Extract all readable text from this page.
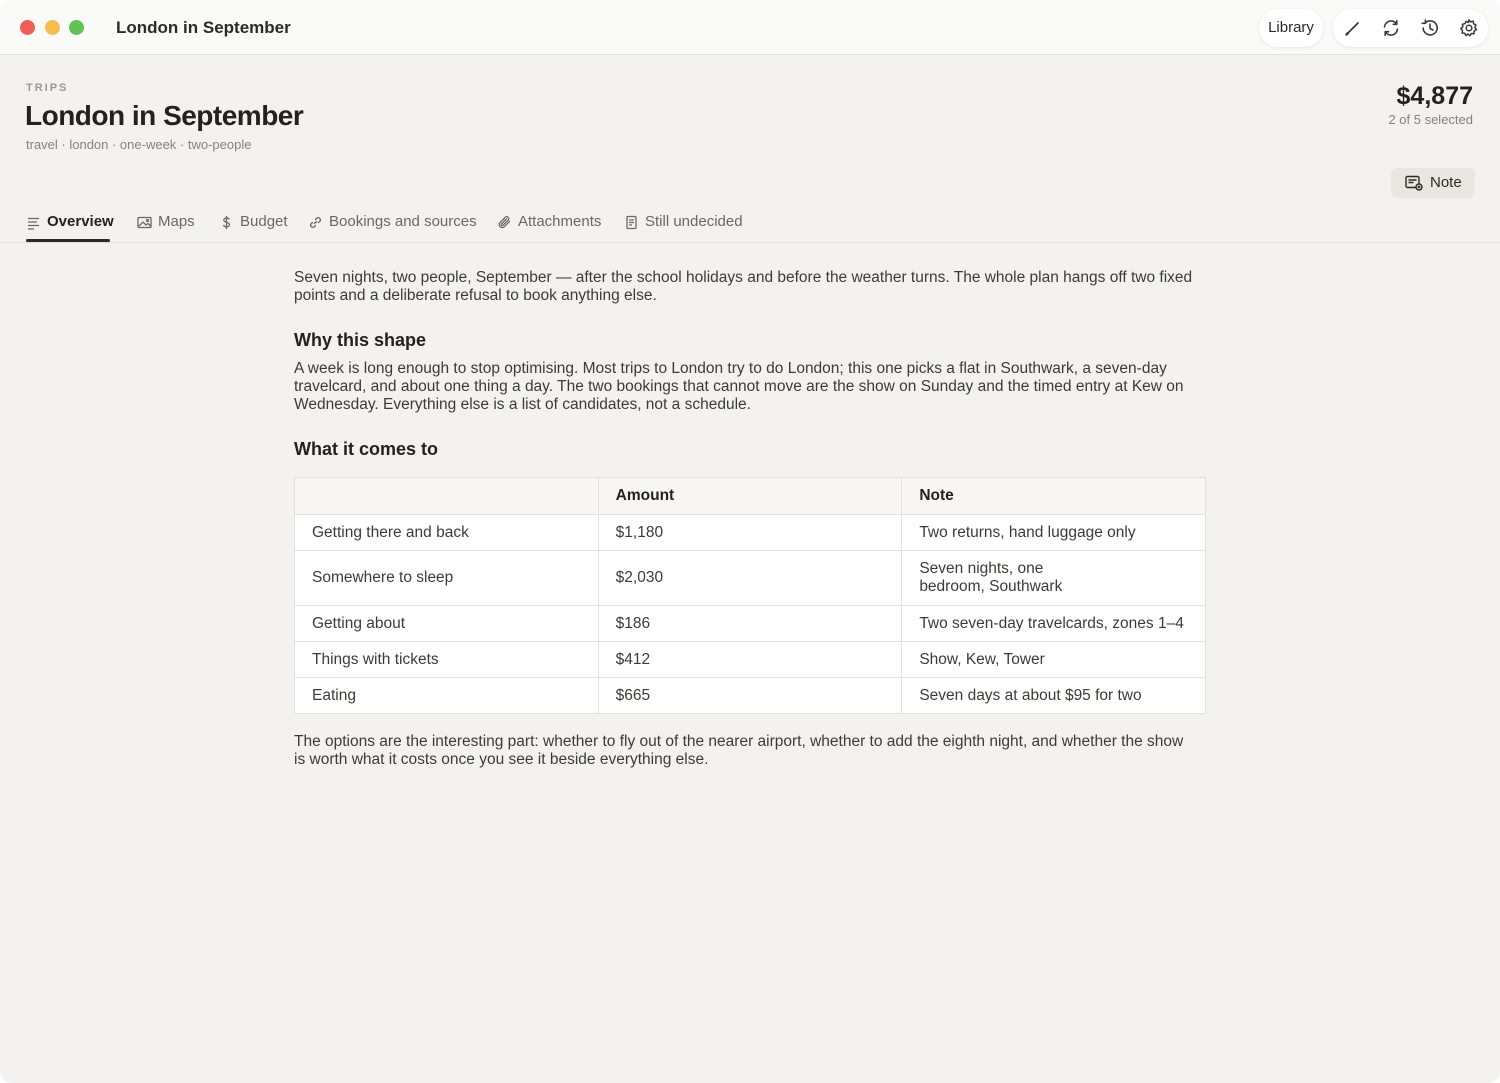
London in September	Library
TRIPS
London in September
travel · london · one-week · two-people
$4,877
2 of 5 selected
Note
Overview	Maps	Budget	Bookings and sources	Attachments	Still undecided
Seven nights, two people, September — after the school holidays and before the weather turns. The whole plan hangs off two fixed
points and a deliberate refusal to book anything else.
Why this shape
A week is long enough to stop optimising. Most trips to London try to do London; this one picks a flat in Southwark, a seven-day
travelcard, and about one thing a day. The two bookings that cannot move are the show on Sunday and the timed entry at Kew on
Wednesday. Everything else is a list of candidates, not a schedule.
What it comes to
	Amount	Note
Getting there and back	$1,180	Two returns, hand luggage only
Somewhere to sleep	$2,030	Seven nights, one
bedroom, Southwark

Getting about	$186	Two seven-day travelcards, zones 1–4
Things with tickets	$412	Show, Kew, Tower
Eating	$665	Seven days at about $95 for two
The options are the interesting part: whether to fly out of the nearer airport, whether to add the eighth night, and whether the show
is worth what it costs once you see it beside everything else.
